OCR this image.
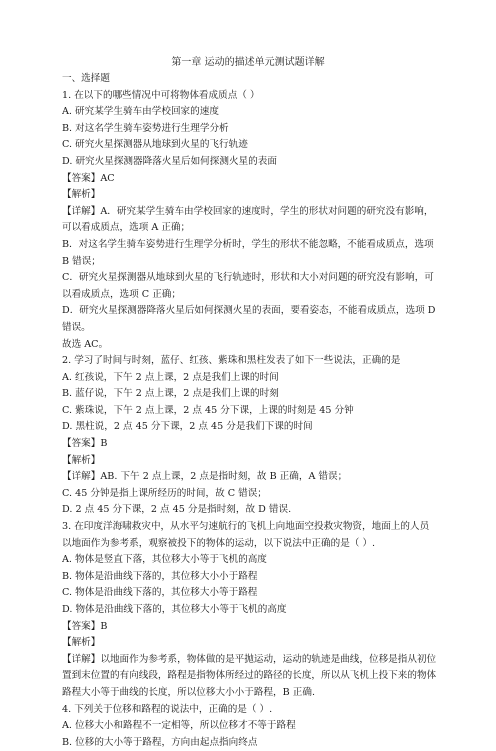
第一章 运动的描述单元测试题详解
一、选择题
1. 在以下的哪些情况中可将物体看成质点（ ）
A. 研究某学生骑车由学校回家的速度
B. 对这名学生骑车姿势进行生理学分析
C. 研究火星探测器从地球到火星的飞行轨迹
D. 研究火星探测器降落火星后如何探测火星的表面
【答案】AC
【解析】
【详解】A．研究某学生骑车由学校回家的速度时，学生的形状对问题的研究没有影响，可以看成质点，选项 A 正确；
B．对这名学生骑车姿势进行生理学分析时，学生的形状不能忽略，不能看成质点，选项 B 错误；
C．研究火星探测器从地球到火星的飞行轨迹时，形状和大小对问题的研究没有影响，可以看成质点，选项 C 正确；
D．研究火星探测器降落火星后如何探测火星的表面，要看姿态，不能看成质点，选项 D 错误。
故选 AC。
2. 学习了时间与时刻，蓝仔、红孩、紫珠和黑柱发表了如下一些说法，正确的是
A. 红孩说，下午 2 点上课，2 点是我们上课的时间
B. 蓝仔说，下午 2 点上课，2 点是我们上课的时刻
C. 紫珠说，下午 2 点上课，2 点 45 分下课，上课的时刻是 45 分钟
D. 黑柱说，2 点 45 分下课，2 点 45 分是我们下课的时间
【答案】B
【解析】
【详解】AB. 下午 2 点上课，2 点是指时刻，故 B 正确，A 错误；
C. 45 分钟是指上课所经历的时间，故 C 错误；
D. 2 点 45 分下课，2 点 45 分是指时刻，故 D 错误.
3. 在印度洋海啸救灾中，从水平匀速航行的飞机上向地面空投救灾物资，地面上的人员以地面作为参考系，观察被投下的物体的运动，以下说法中正确的是（ ）.
A. 物体是竖直下落，其位移大小等于飞机的高度
B. 物体是沿曲线下落的，其位移大小小于路程
C. 物体是沿曲线下落的，其位移大小等于路程
D. 物体是沿曲线下落的，其位移大小等于飞机的高度
【答案】B
【解析】
【详解】以地面作为参考系，物体做的是平抛运动，运动的轨迹是曲线，位移是指从初位置到末位置的有向线段，路程是指物体所经过的路径的长度，所以从飞机上投下来的物体路程大小等于曲线的长度，所以位移大小小于路程，B 正确.
4. 下列关于位移和路程的说法中，正确的是（ ）.
A. 位移大小和路程不一定相等，所以位移才不等于路程
B. 位移的大小等于路程，方向由起点指向终点
